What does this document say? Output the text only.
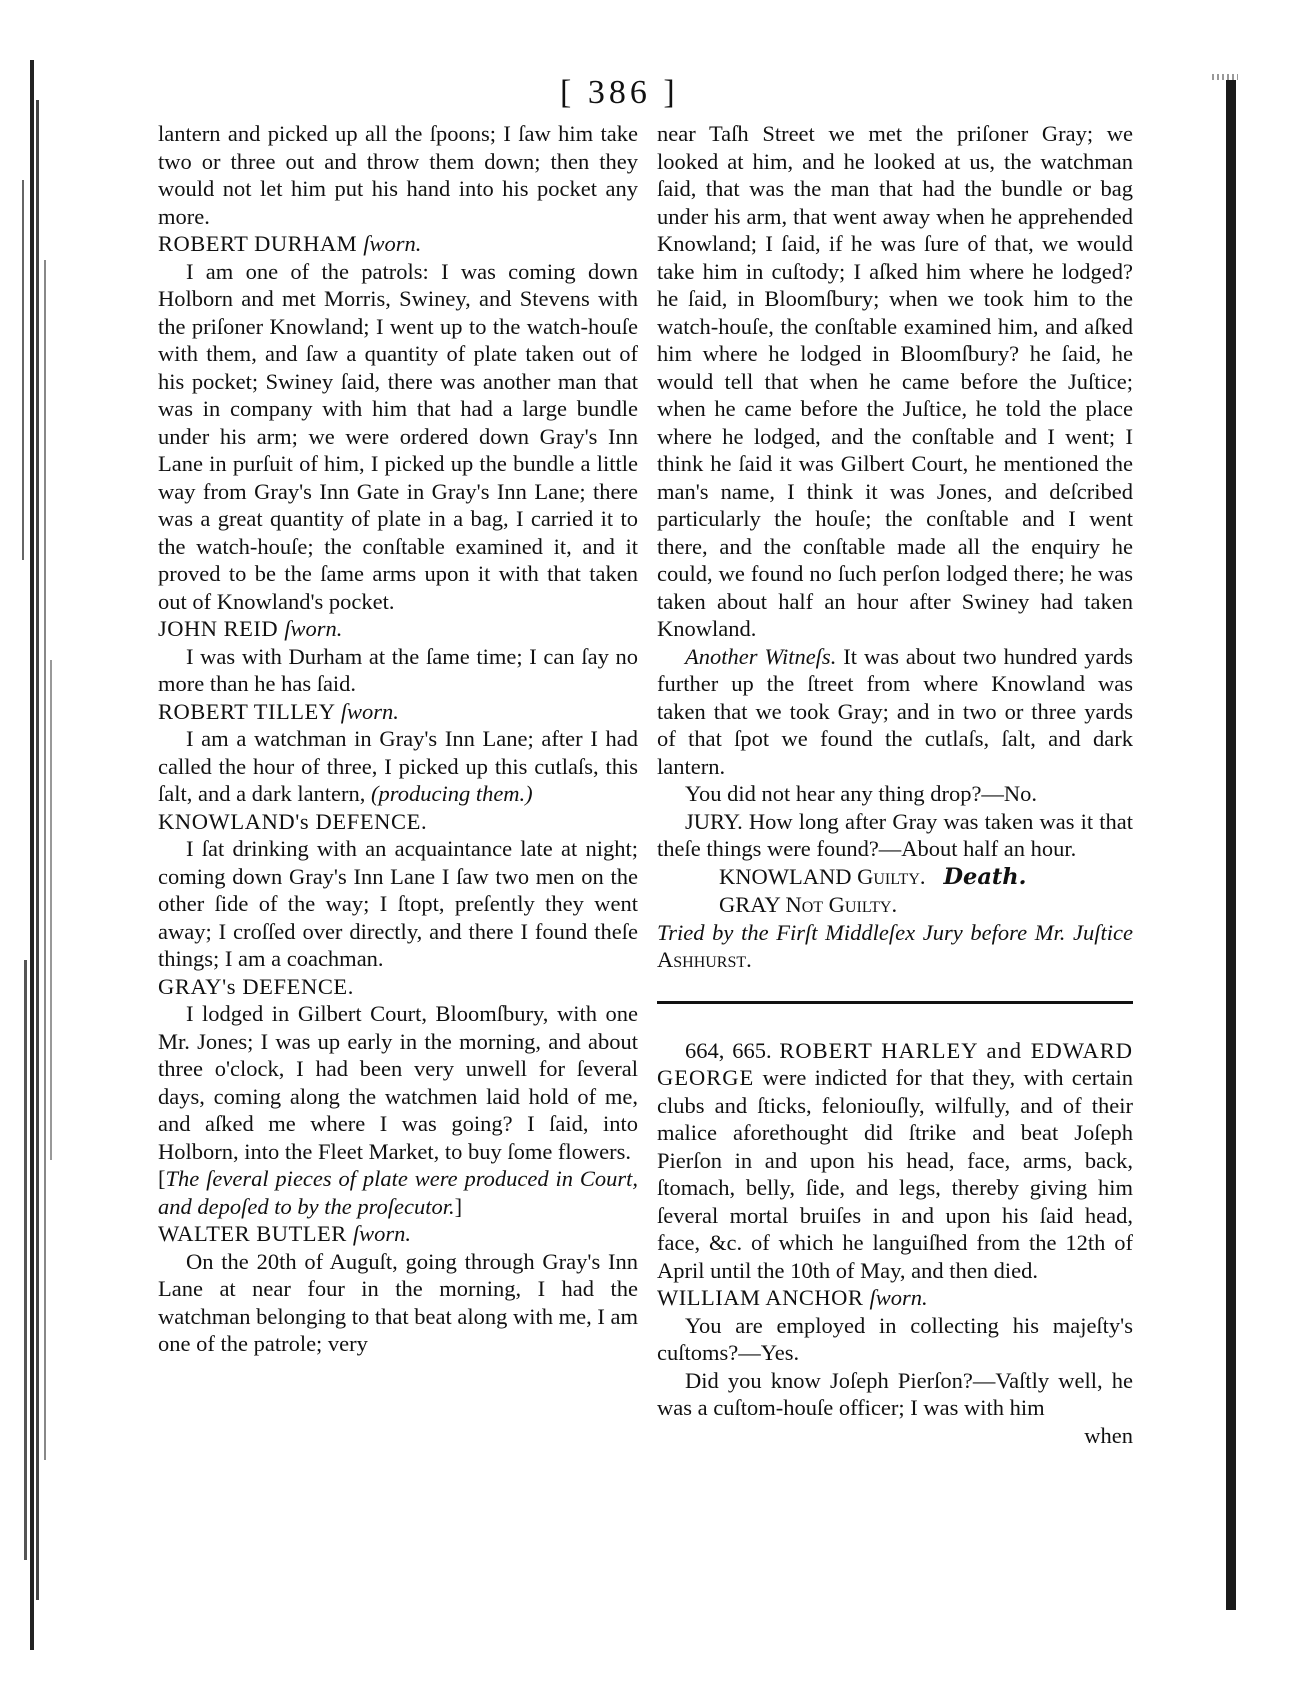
[ 386 ]

lantern and picked up all the ſpoons; I ſaw him take two or three out and throw them down; then they would not let him put his hand into his pocket any more.

ROBERT DURHAM ſworn.

I am one of the patrols: I was coming down Holborn and met Morris, Swiney, and Stevens with the priſoner Knowland; I went up to the watch-houſe with them, and ſaw a quantity of plate taken out of his pocket; Swiney ſaid, there was another man that was in company with him that had a large bundle under his arm; we were ordered down Gray's Inn Lane in purſuit of him, I picked up the bundle a little way from Gray's Inn Gate in Gray's Inn Lane; there was a great quantity of plate in a bag, I carried it to the watch-houſe; the conſtable examined it, and it proved to be the ſame arms upon it with that taken out of Knowland's pocket.

JOHN REID ſworn.

I was with Durham at the ſame time; I can ſay no more than he has ſaid.

ROBERT TILLEY ſworn.

I am a watchman in Gray's Inn Lane; after I had called the hour of three, I picked up this cutlaſs, this ſalt, and a dark lantern, (producing them.)

KNOWLAND's DEFENCE.

I ſat drinking with an acquaintance late at night; coming down Gray's Inn Lane I ſaw two men on the other ſide of the way; I ſtopt, preſently they went away; I croſſed over directly, and there I found theſe things; I am a coachman.

GRAY's DEFENCE.

I lodged in Gilbert Court, Bloomſbury, with one Mr. Jones; I was up early in the morning, and about three o'clock, I had been very unwell for ſeveral days, coming along the watchmen laid hold of me, and aſked me where I was going? I ſaid, into Holborn, into the Fleet Market, to buy ſome flowers.

[The ſeveral pieces of plate were produced in Court, and depoſed to by the proſecutor.]

WALTER BUTLER ſworn.

On the 20th of Auguſt, going through Gray's Inn Lane at near four in the morning, I had the watchman belonging to that beat along with me, I am one of the patrole; very

near Taſh Street we met the priſoner Gray; we looked at him, and he looked at us, the watchman ſaid, that was the man that had the bundle or bag under his arm, that went away when he apprehended Knowland; I ſaid, if he was ſure of that, we would take him in cuſtody; I aſked him where he lodged? he ſaid, in Bloomſbury; when we took him to the watch-houſe, the conſtable examined him, and aſked him where he lodged in Bloomſbury? he ſaid, he would tell that when he came before the Juſtice; when he came before the Juſtice, he told the place where he lodged, and the conſtable and I went; I think he ſaid it was Gilbert Court, he mentioned the man's name, I think it was Jones, and deſcribed particularly the houſe; the conſtable and I went there, and the conſtable made all the enquiry he could, we found no ſuch perſon lodged there; he was taken about half an hour after Swiney had taken Knowland.

Another Witneſs. It was about two hundred yards further up the ſtreet from where Knowland was taken that we took Gray; and in two or three yards of that ſpot we found the cutlaſs, ſalt, and dark lantern.

You did not hear any thing drop?—No.

JURY. How long after Gray was taken was it that theſe things were found?—About half an hour.

KNOWLAND Guilty. Death.

GRAY Not Guilty.

Tried by the Firſt Middleſex Jury before Mr. Juſtice Ashhurst.

664, 665. ROBERT HARLEY and EDWARD GEORGE were indicted for that they, with certain clubs and ſticks, feloniouſly, wilfully, and of their malice aforethought did ſtrike and beat Joſeph Pierſon in and upon his head, face, arms, back, ſtomach, belly, ſide, and legs, thereby giving him ſeveral mortal bruiſes in and upon his ſaid head, face, &c. of which he languiſhed from the 12th of April until the 10th of May, and then died.

WILLIAM ANCHOR ſworn.

You are employed in collecting his majeſty's cuſtoms?—Yes.

Did you know Joſeph Pierſon?—Vaſtly well, he was a cuſtom-houſe officer; I was with him

when
